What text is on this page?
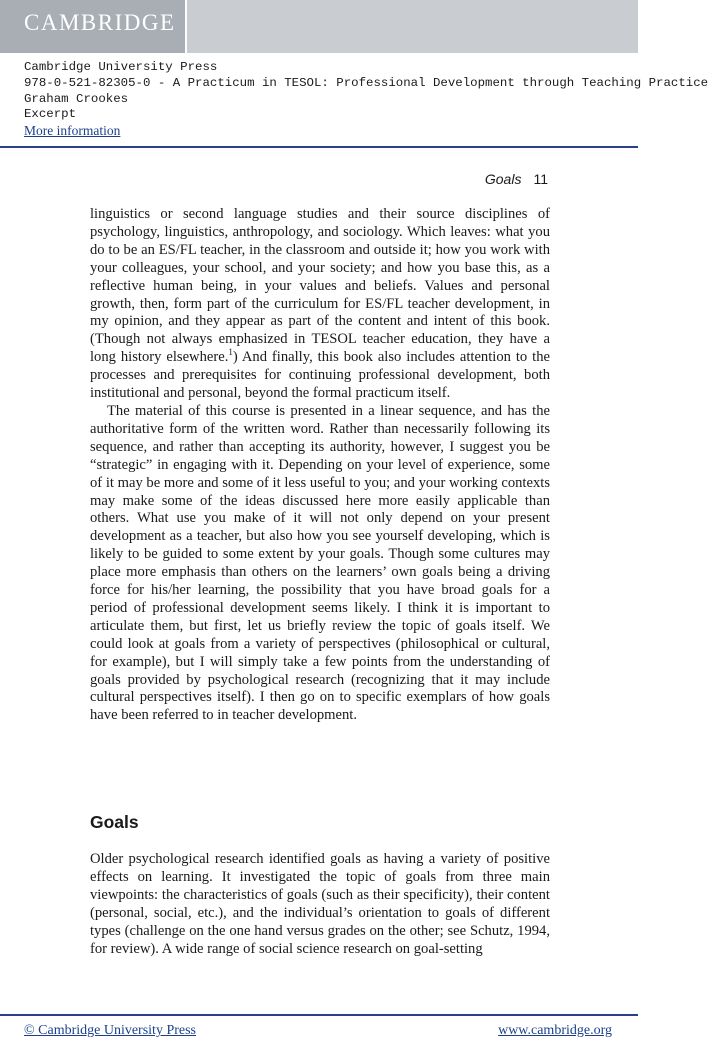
CAMBRIDGE
Cambridge University Press
978-0-521-82305-0 - A Practicum in TESOL: Professional Development through Teaching Practice
Graham Crookes
Excerpt
More information
Goals 11

linguistics or second language studies and their source disciplines of psychology, linguistics, anthropology, and sociology. Which leaves: what you do to be an ES/FL teacher, in the classroom and outside it; how you work with your colleagues, your school, and your society; and how you base this, as a reflective human being, in your values and beliefs. Values and personal growth, then, form part of the curriculum for ES/FL teacher development, in my opinion, and they appear as part of the content and intent of this book. (Though not always emphasized in TESOL teacher education, they have a long history elsewhere.$^1$) And finally, this book also includes attention to the processes and prerequisites for continuing professional development, both institutional and personal, beyond the formal practicum itself.

The material of this course is presented in a linear sequence, and has the authoritative form of the written word. Rather than necessarily following its sequence, and rather than accepting its authority, however, I suggest you be “strategic” in engaging with it. Depending on your level of experience, some of it may be more and some of it less useful to you; and your working contexts may make some of the ideas discussed here more easily applicable than others. What use you make of it will not only depend on your present development as a teacher, but also how you see yourself developing, which is likely to be guided to some extent by your goals. Though some cultures may place more emphasis than others on the learners’ own goals being a driving force for his/her learning, the possibility that you have broad goals for a period of professional development seems likely. I think it is important to articulate them, but first, let us briefly review the topic of goals itself. We could look at goals from a variety of perspectives (philosophical or cultural, for example), but I will simply take a few points from the understanding of goals provided by psychological research (recognizing that it may include cultural perspectives itself). I then go on to specific exemplars of how goals have been referred to in teacher development.

Goals

Older psychological research identified goals as having a variety of positive effects on learning. It investigated the topic of goals from three main viewpoints: the characteristics of goals (such as their specificity), their content (personal, social, etc.), and the individual’s orientation to goals of different types (challenge on the one hand versus grades on the other; see Schutz, 1994, for review). A wide range of social science research on goal-setting

© Cambridge University Press	www.cambridge.org
